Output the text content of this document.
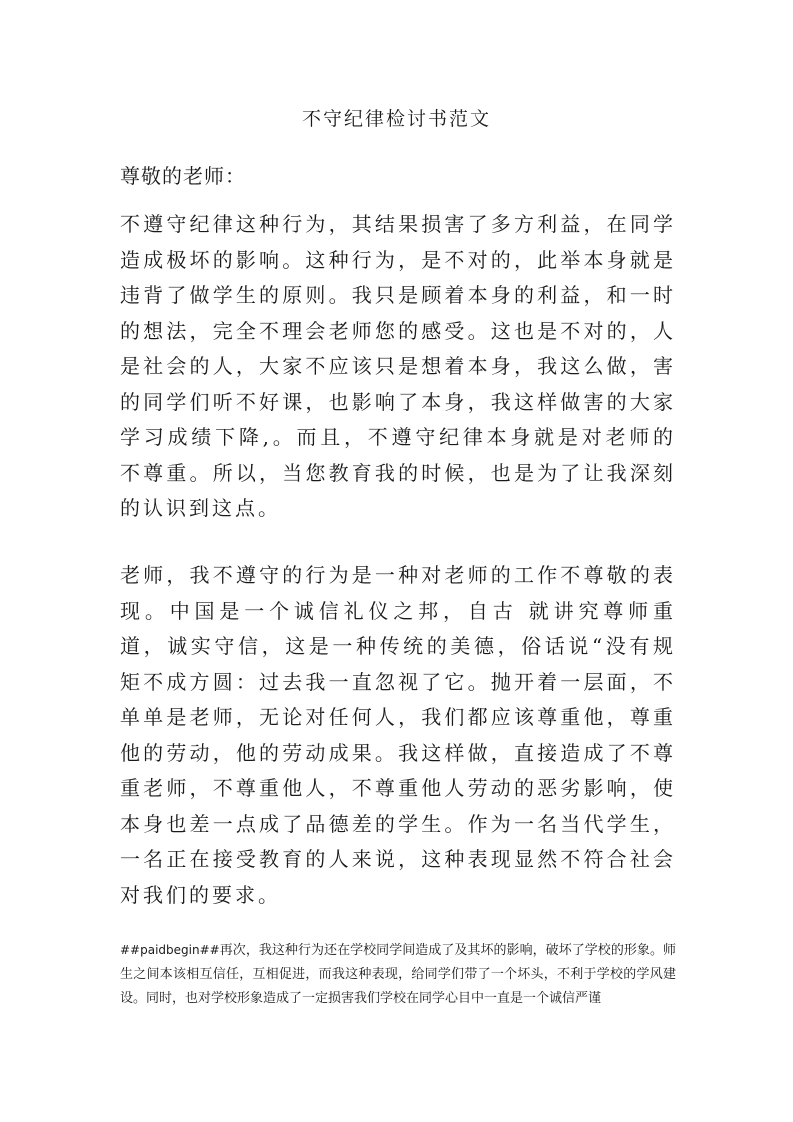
不守纪律检讨书范文
尊敬的老师：

不遵守纪律这种行为，其结果损害了多方利益，在同学造成极坏的影响。这种行为，是不对的，此举本身就是违背了做学生的原则。我只是顾着本身的利益，和一时的想法，完全不理会老师您的感受。这也是不对的，人是社会的人，大家不应该只是想着本身，我这么做，害的同学们听不好课，也影响了本身，我这样做害的大家学习成绩下降,。而且，不遵守纪律本身就是对老师的不尊重。所以，当您教育我的时候，也是为了让我深刻的认识到这点。

老师，我不遵守的行为是一种对老师的工作不尊敬的表现。中国是一个诚信礼仪之邦，自古 就讲究尊师重道，诚实守信，这是一种传统的美德，俗话说“没有规矩不成方圆：过去我一直忽视了它。抛开着一层面，不单单是老师，无论对任何人，我们都应该尊重他，尊重他的劳动，他的劳动成果。我这样做，直接造成了不尊重老师，不尊重他人，不尊重他人劳动的恶劣影响，使本身也差一点成了品德差的学生。作为一名当代学生，一名正在接受教育的人来说，这种表现显然不符合社会对我们的要求。

##paidbegin##再次，我这种行为还在学校同学间造成了及其坏的影响，破坏了学校的形象。师生之间本该相互信任，互相促进，而我这种表现，给同学们带了一个坏头，不利于学校的学风建设。同时，也对学校形象造成了一定损害我们学校在同学心目中一直是一个诚信严谨
